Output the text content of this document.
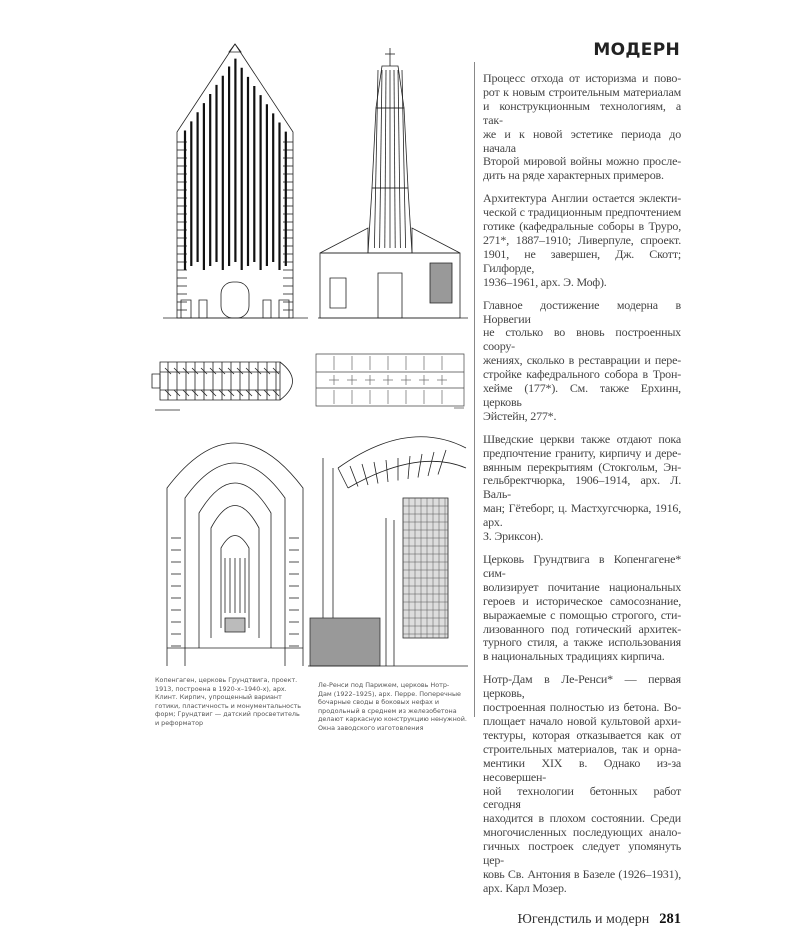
МОДЕРН
Процесс отхода от историзма и пово-
рот к новым строительным материалам
и конструкционным технологиям, а так-
же и к новой эстетике периода до начала
Второй мировой войны можно просле-
дить на ряде характерных примеров.
Архитектура Англии остается эклекти-
ческой с традиционным предпочтением
готике (кафедральные соборы в Труро,
271*, 1887–1910; Ливерпуле, спроект.
1901, не завершен, Дж. Скотт; Гилфорде,
1936–1961, арх. Э. Моф).
Главное достижение модерна в Норвегии
не столько во вновь построенных соору-
жениях, сколько в реставрации и пере-
стройке кафедрального собора в Трон-
хейме (177*). См. также Ерхинн, церковь
Эйстейн, 277*.
Шведские церкви также отдают пока
предпочтение граниту, кирпичу и дере-
вянным перекрытиям (Стокгольм, Эн-
гельбректчюрка, 1906–1914, арх. Л. Валь-
ман; Гётеборг, ц. Мастхугсчюрка, 1916, арх.
З. Эриксон).
Церковь Грундтвига в Копенгагене* сим-
волизирует почитание национальных
героев и историческое самосознание,
выражаемые с помощью строгого, сти-
лизованного под готический архитек-
турного стиля, а также использования
в национальных традициях кирпича.
Нотр-Дам в Ле-Ренси* — первая церковь,
построенная полностью из бетона. Во-
площает начало новой культовой архи-
тектуры, которая отказывается как от
строительных материалов, так и орна-
ментики XIX в. Однако из-за несовершен-
ной технологии бетонных работ сегодня
находится в плохом состоянии. Среди
многочисленных последующих анало-
гичных построек следует упомянуть цер-
ковь Св. Антония в Базеле (1926–1931),
арх. Карл Мозер.
Югендстиль и модерн 281
Копенгаген, церковь Грундтвига, проект.
1913, построена в 1920-х–1940-х), арх.
Клинт. Кирпич, упрощенный вариант
готики, пластичность и монументальность
форм; Грундтвиг — датский просветитель
и реформатор
Ле-Ренси под Парижем, церковь Нотр-
Дам (1922–1925), арх. Перре. Поперечные
бочарные своды в боковых нефах и
продольный в среднем из железобетона
делают каркасную конструкцию ненужной.
Окна заводского изготовления
